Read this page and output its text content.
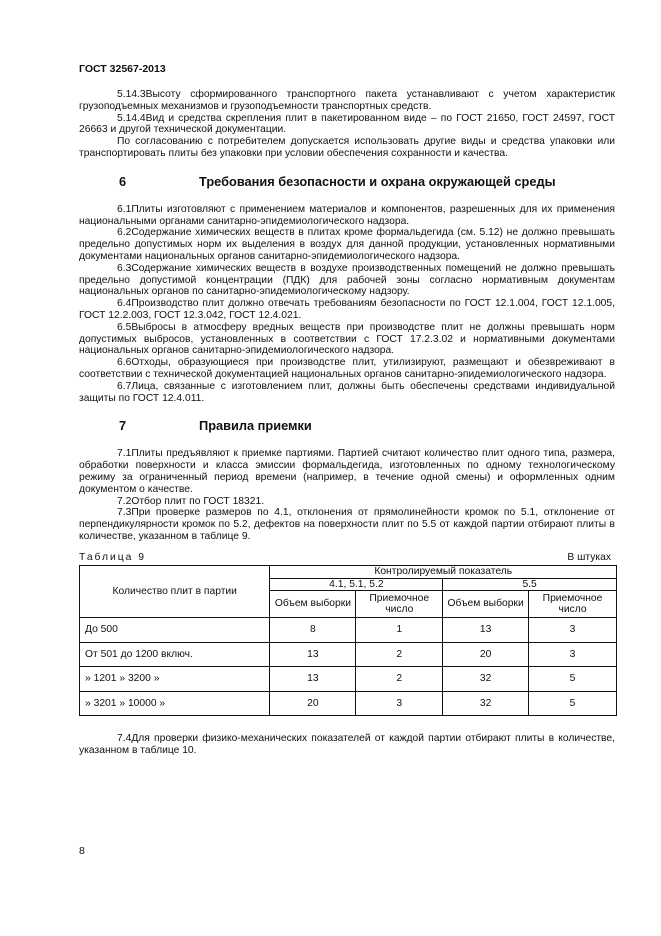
ГОСТ 32567-2013

5.14.3Высоту сформированного транспортного пакета устанавливают с учетом характеристик грузоподъемных механизмов и грузоподъемности транспортных средств.

5.14.4Вид и средства скрепления плит в пакетированном виде – по ГОСТ 21650, ГОСТ 24597, ГОСТ 26663 и другой технической документации.

По согласованию с потребителем допускается использовать другие виды и средства упаковки или транспортировать плиты без упаковки при условии обеспечения сохранности и качества.

6	Требования безопасности и охрана окружающей среды

6.1Плиты изготовляют с применением материалов и компонентов, разрешенных для их применения национальными органами санитарно-эпидемиологического надзора.

6.2Содержание химических веществ в плитах кроме формальдегида (см. 5.12) не должно превышать предельно допустимых норм их выделения в воздух для данной продукции, установленных нормативными документами национальных органов санитарно-эпидемиологического надзора.

6.3Содержание химических веществ в воздухе производственных помещений не должно превышать предельно допустимой концентрации (ПДК) для рабочей зоны согласно нормативным документам национальных органов по санитарно-эпидемиологическому надзору.

6.4Производство плит должно отвечать требованиям безопасности по ГОСТ 12.1.004, ГОСТ 12.1.005, ГОСТ 12.2.003, ГОСТ 12.3.042, ГОСТ 12.4.021.

6.5Выбросы в атмосферу вредных веществ при производстве плит не должны превышать норм допустимых выбросов, установленных в соответствии с ГОСТ 17.2.3.02 и нормативными документами национальных органов санитарно-эпидемиологического надзора.

6.6Отходы, образующиеся при производстве плит, утилизируют, размещают и обезвреживают в соответствии с технической документацией национальных органов санитарно-эпидемиологического надзора.

6.7Лица, связанные с изготовлением плит, должны быть обеспечены средствами индивидуальной защиты по ГОСТ 12.4.011.

7	Правила приемки

7.1Плиты предъявляют к приемке партиями. Партией считают количество плит одного типа, размера, обработки поверхности и класса эмиссии формальдегида, изготовленных по одному технологическому режиму за ограниченный период времени (например, в течение одной смены) и оформленных одним документом о качестве.

7.2Отбор плит по ГОСТ 18321.

7.3При проверке размеров по 4.1, отклонения от прямолинейности кромок по 5.1, отклонение от перпендикулярности кромок по 5.2, дефектов на поверхности плит по 5.5 от каждой партии отбирают плиты в количестве, указанном в таблице 9.

Таблица 9	В штуках
Количество плит в партии	Контролируемый показатель			
	4.1, 5.1, 5.2		5.5	
	Объем выборки	Приемочное число	Объем выборки	Приемочное число
До 500	8	1	13	3
От 501 до 1200 включ.	13	2	20	3
» 1201 » 3200 »	13	2	32	5
» 3201 » 10000 »	20	3	32	5

7.4Для проверки физико-механических показателей от каждой партии отбирают плиты в количестве, указанном в таблице 10.

8
